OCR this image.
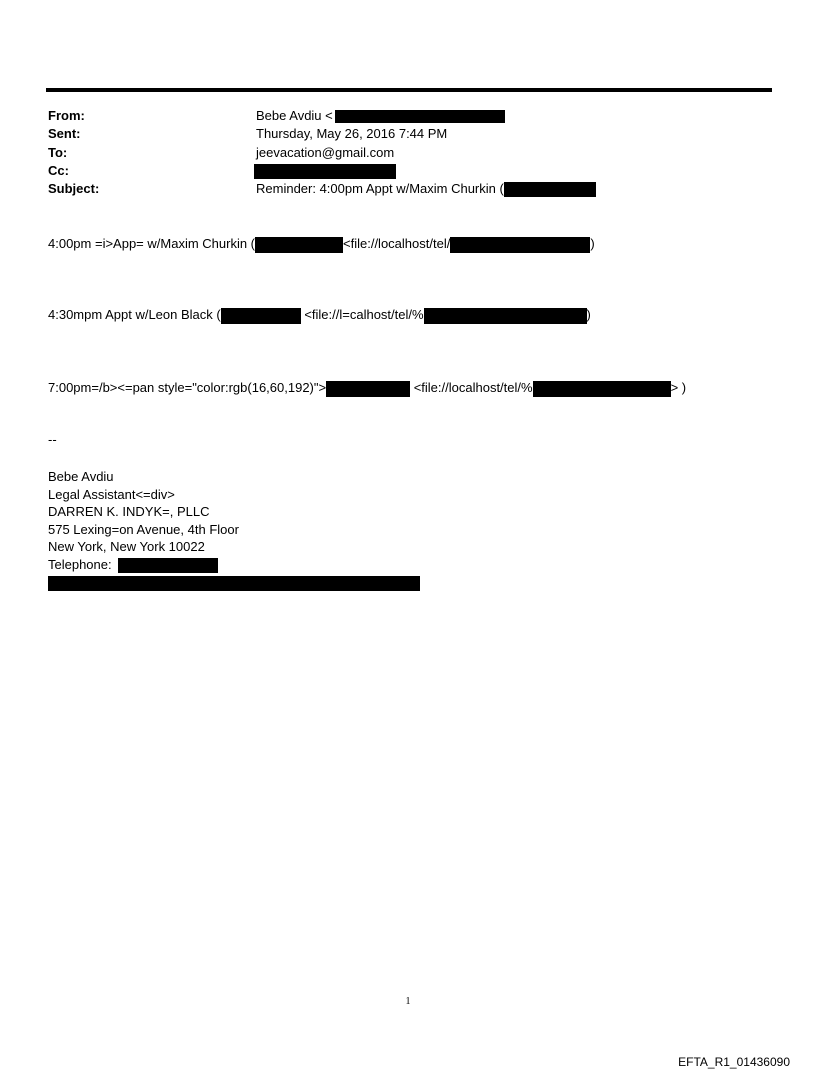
From:	Bebe Avdiu <
Sent:	Thursday, May 26, 2016 7:44 PM
To:	jeevacation@gmail.com
Cc:
Subject:	Reminder: 4:00pm Appt w/Maxim Churkin (
4:00pm =i>App= w/Maxim Churkin (	<file://localhost/tel/	)
4:30mpm Appt w/Leon Black (	<file://l=calhost/tel/%	)
7:00pm=/b><=pan style="color:rgb(16,60,192)">	<file://localhost/tel/%	> )
--
Bebe Avdiu
Legal Assistant<=div>
DARREN K. INDYK=, PLLC
575 Lexing=on Avenue, 4th Floor
New York, New York 10022
Telephone:
1
EFTA_R1_01436090
